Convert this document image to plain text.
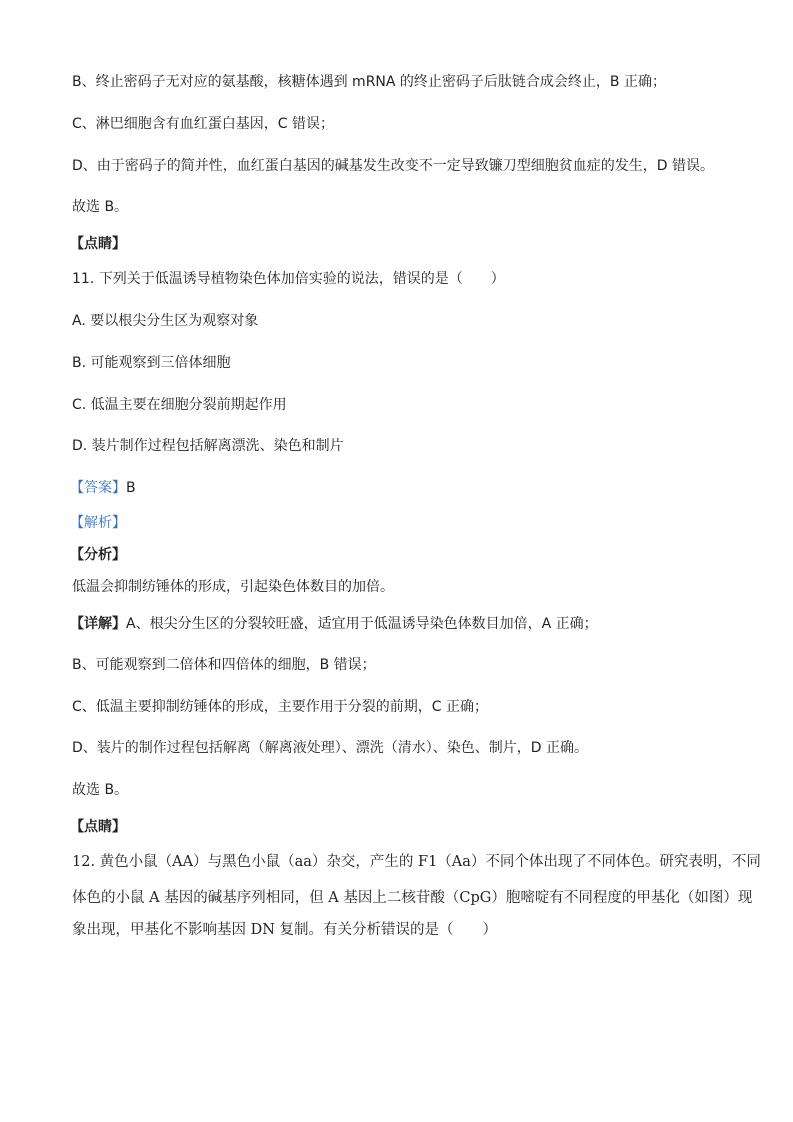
B、终止密码子无对应的氨基酸，核糖体遇到 mRNA 的终止密码子后肽链合成会终止，B 正确；
C、淋巴细胞含有血红蛋白基因，C 错误；
D、由于密码子的简并性，血红蛋白基因的碱基发生改变不一定导致镰刀型细胞贫血症的发生，D 错误。
故选 B。
【点睛】
11. 下列关于低温诱导植物染色体加倍实验的说法，错误的是（　　）
A. 要以根尖分生区为观察对象
B. 可能观察到三倍体细胞
C. 低温主要在细胞分裂前期起作用
D. 装片制作过程包括解离漂洗、染色和制片
【答案】B
【解析】
【分析】
低温会抑制纺锤体的形成，引起染色体数目的加倍。
【详解】A、根尖分生区的分裂较旺盛，适宜用于低温诱导染色体数目加倍，A 正确；
B、可能观察到二倍体和四倍体的细胞，B 错误；
C、低温主要抑制纺锤体的形成，主要作用于分裂的前期，C 正确；
D、装片的制作过程包括解离（解离液处理）、漂洗（清水）、染色、制片，D 正确。
故选 B。
【点睛】
12. 黄色小鼠（AA）与黑色小鼠（aa）杂交，产生的 F1（Aa）不同个体出现了不同体色。研究表明，不同
体色的小鼠 A 基因的碱基序列相同，但 A 基因上二核苷酸（CpG）胞嘧啶有不同程度的甲基化（如图）现
象出现，甲基化不影响基因 DN 复制。有关分析错误的是（　　）
